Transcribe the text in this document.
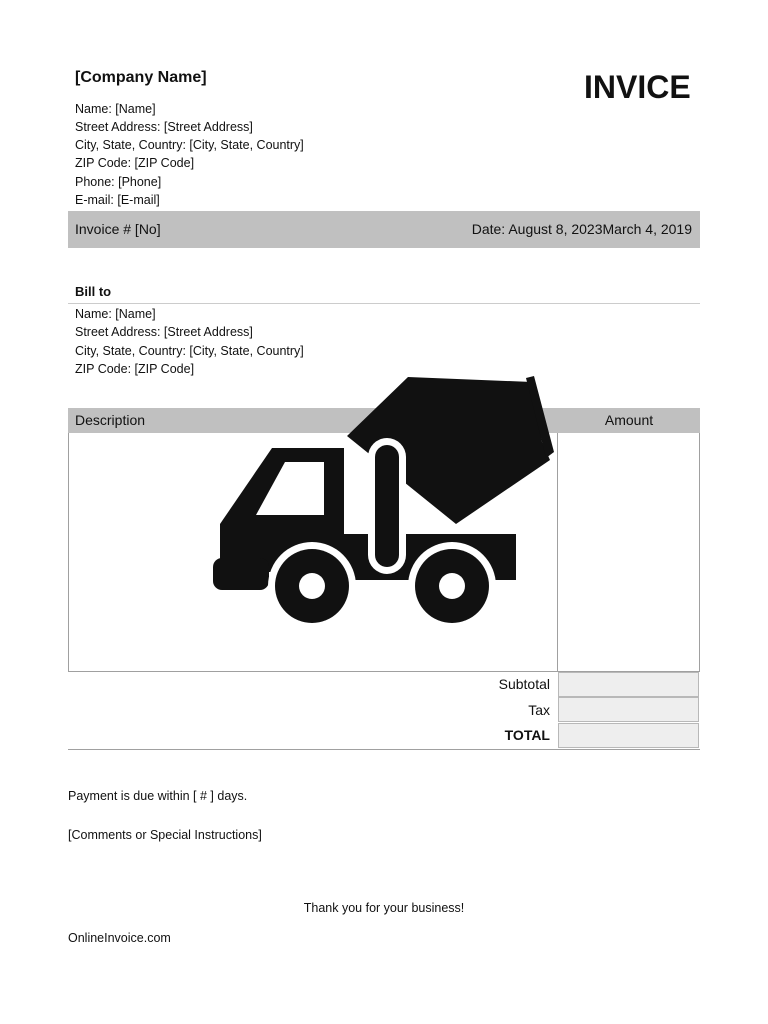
[Company Name]	INVICE
Name: [Name]
Street Address: [Street Address]
City, State, Country: [City, State, Country]
ZIP Code: [ZIP Code]
Phone: [Phone]
E-mail: [E-mail]
Invoice # [No]	Date: August 8, 2023March 4, 2019
Bill to
Name: [Name]
Street Address: [Street Address]
City, State, Country: [City, State, Country]
ZIP Code: [ZIP Code]
Description	Amount
Subtotal
Tax
TOTAL
Payment is due within [ # ] days.
[Comments or Special Instructions]
Thank you for your business!
OnlineInvoice.com
